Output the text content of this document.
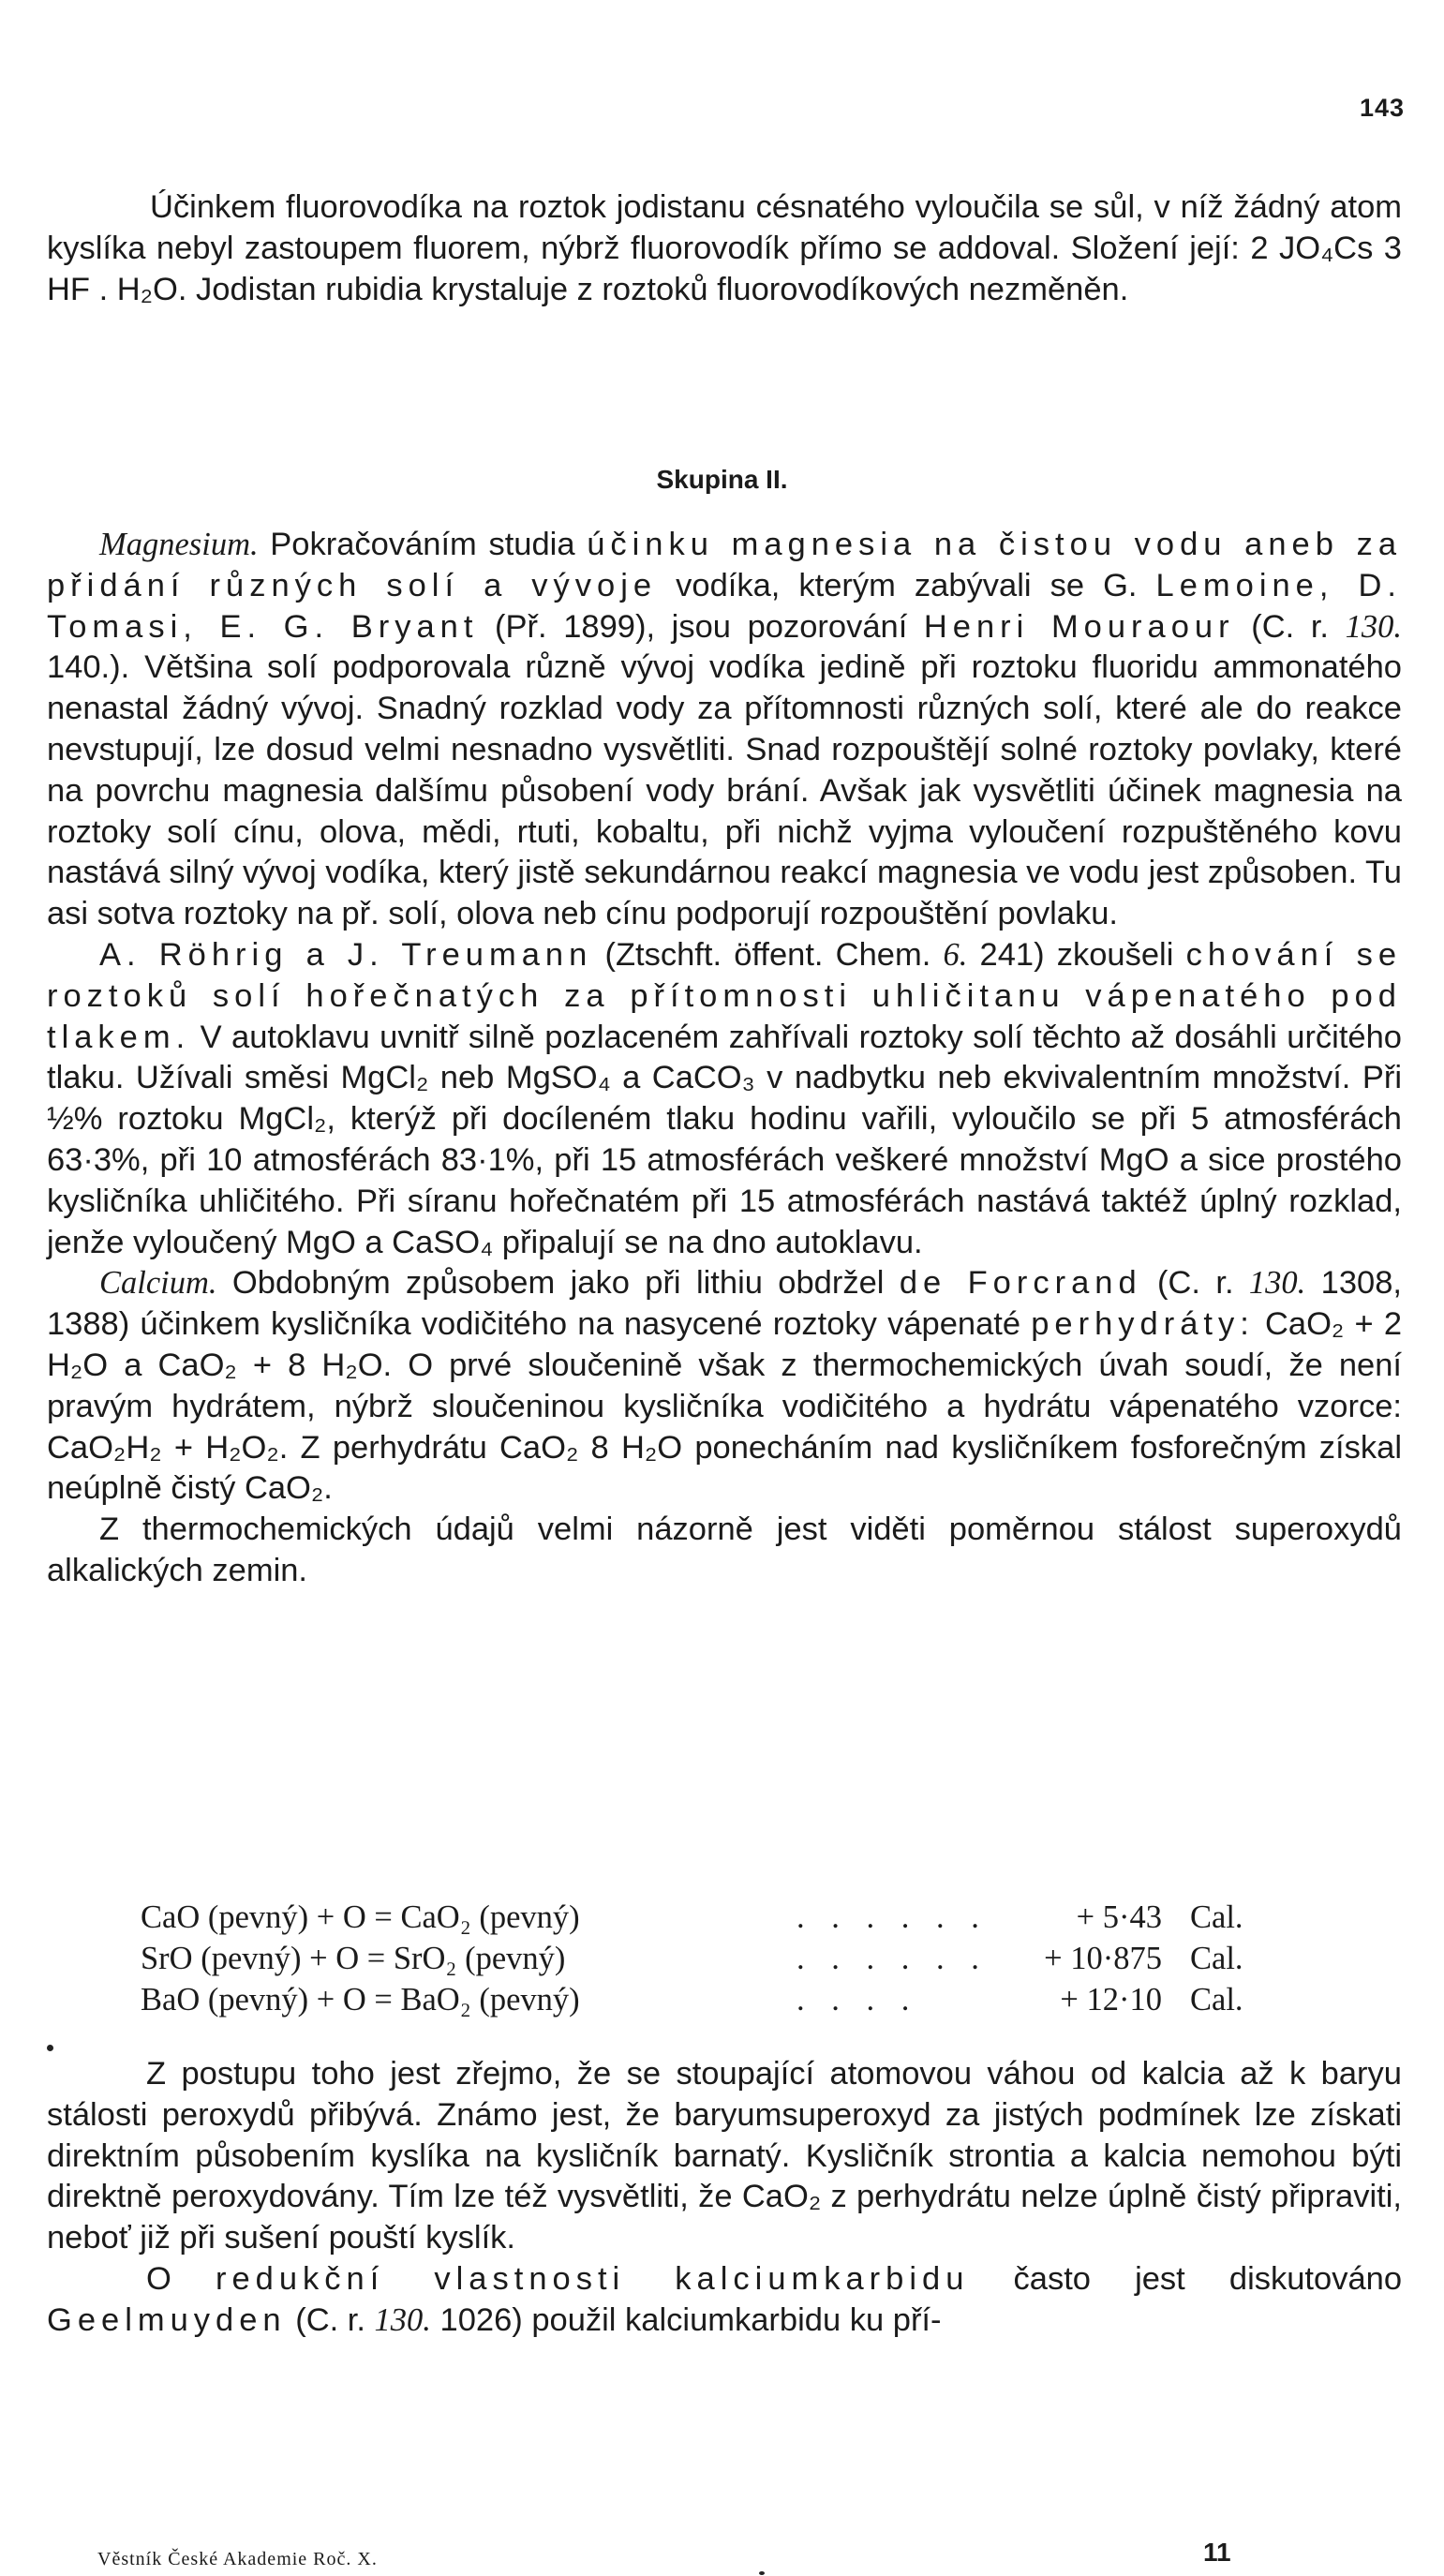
143

Účinkem fluorovodíka na roztok jodistanu césnatého vyloučila se sůl, v níž žádný atom kyslíka nebyl zastoupem fluorem, nýbrž fluorovodík přímo se addoval. Složení její: 2 JO₄Cs 3 HF . H₂O. Jodistan rubidia krystaluje z roztoků fluorovodíkových nezměněn.

Skupina II.

Magnesium. Pokračováním studia účinku magnesia na čistou vodu aneb za přidání různých solí a vývoje vodíka, kterým zabývali se G. Lemoine, D. Tomasi, E. G. Bryant (Př. 1899), jsou pozorování Henri Mouraour (C. r. 130. 140.). Většina solí podporovala různě vývoj vodíka jedině při roztoku fluoridu ammonatého nenastal žádný vývoj. Snadný rozklad vody za přítomnosti různých solí, které ale do reakce nevstupují, lze dosud velmi nesnadno vysvětliti. Snad rozpouštějí solné roztoky povlaky, které na povrchu magnesia dalšímu působení vody brání. Avšak jak vysvětliti účinek magnesia na roztoky solí cínu, olova, mědi, rtuti, kobaltu, při nichž vyjma vyloučení rozpuštěného kovu nastává silný vývoj vodíka, který jistě sekundárnou reakcí magnesia ve vodu jest způsoben. Tu asi sotva roztoky na př. solí, olova neb cínu podporují rozpouštění povlaku.

A. Röhrig a J. Treumann (Ztschft. öffent. Chem. 6. 241) zkoušeli chování se roztoků solí hořečnatých za přítomnosti uhličitanu vápenatého pod tlakem. V autoklavu uvnitř silně pozlaceném zahřívali roztoky solí těchto až dosáhli určitého tlaku. Užívali směsi MgCl₂ neb MgSO₄ a CaCO₃ v nadbytku neb ekvivalentním množství. Při ½% roztoku MgCl₂, kterýž při docíleném tlaku hodinu vařili, vyloučilo se při 5 atmosférách 63·3%, při 10 atmosférách 83·1%, při 15 atmosférách veškeré množství MgO a sice prostého kysličníka uhličitého. Při síranu hořečnatém při 15 atmosférách nastává taktéž úplný rozklad, jenže vyloučený MgO a CaSO₄ připalují se na dno autoklavu.

Calcium. Obdobným způsobem jako při lithiu obdržel de Forcrand (C. r. 130. 1308, 1388) účinkem kysličníka vodičitého na nasycené roztoky vápenaté perhydráty: CaO₂ + 2 H₂O a CaO₂ + 8 H₂O. O prvé sloučenině však z thermochemických úvah soudí, že není pravým hydrátem, nýbrž sloučeninou kysličníka vodičitého a hydrátu vápenatého vzorce: CaO₂H₂ + H₂O₂. Z perhydrátu CaO₂ 8 H₂O ponecháním nad kysličníkem fosforečným získal neúplně čistý CaO₂.

Z thermochemických údajů velmi názorně jest viděti poměrnou stálost superoxydů alkalických zemin.

CaO (pevný) + O = CaO₂ (pevný)	. . . . . .	+ 5·43 Cal.
SrO (pevný) + O = SrO₂ (pevný)	. . . . . .	+ 10·875 Cal.
BaO (pevný) + O = BaO₂ (pevný)	. . . .	+ 12·10 Cal.

Z postupu toho jest zřejmo, že se stoupající atomovou váhou od kalcia až k baryu stálosti peroxydů přibývá. Známo jest, že baryumsuperoxyd za jistých podmínek lze získati direktním působením kyslíka na kysličník barnatý. Kysličník strontia a kalcia nemohou býti direktně peroxydovány. Tím lze též vysvětliti, že CaO₂ z perhydrátu nelze úplně čistý připraviti, neboť již při sušení pouští kyslík.

O redukční vlastnosti kalciumkarbidu často jest diskutováno Geelmuyden (C. r. 130. 1026) použil kalciumkarbidu ku pří-

Věstník České Akademie Roč. X.	11
